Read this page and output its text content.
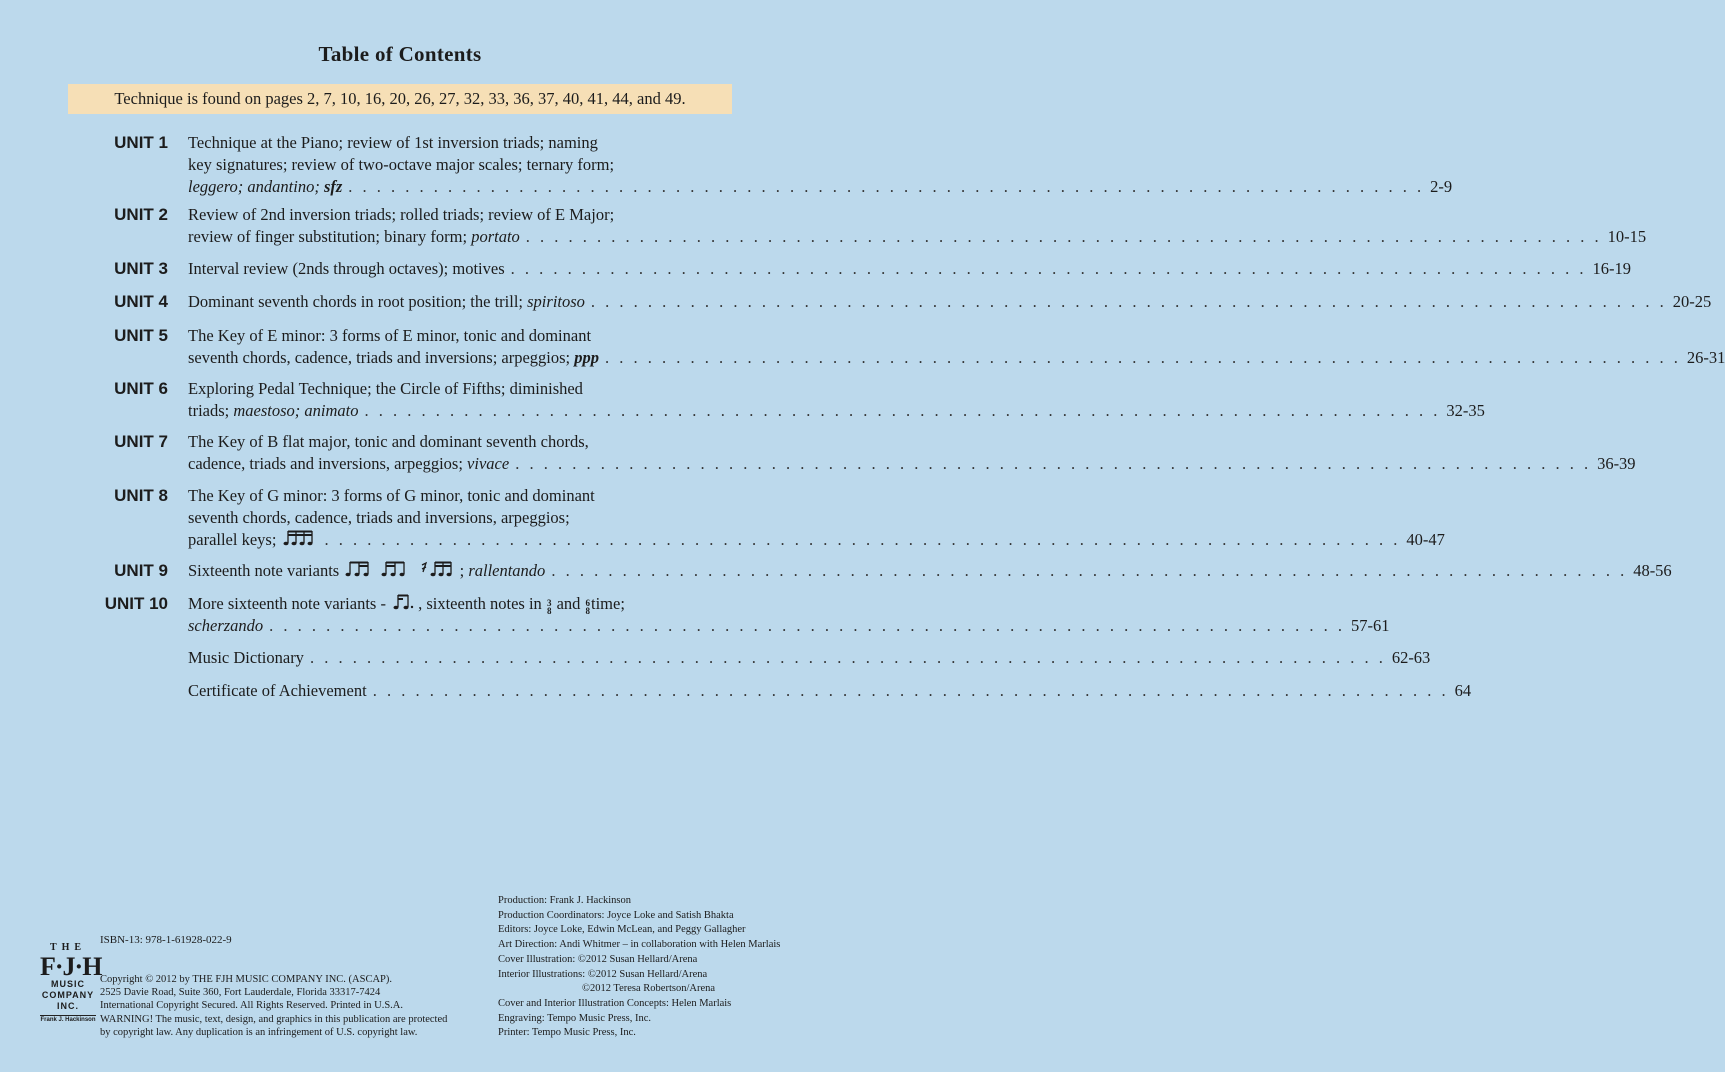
Table of Contents
Technique is found on pages 2, 7, 10, 16, 20, 26, 27, 32, 33, 36, 37, 40, 41, 44, and 49.
UNIT 1 Technique at the Piano; review of 1st inversion triads; naming
key signatures; review of two-octave major scales; ternary form;
leggero; andantino; sfz . . . . . . . . . . . . . . . . . . . . . . . . . . . . . . . . . . . . . . . . . . . . . . . . . . . . . . . . . . . . . . . . . . . . . . . . . . . . 2-9
UNIT 2 Review of 2nd inversion triads; rolled triads; review of E Major;
review of finger substitution; binary form; portato . . . . . . . . . . . . . . . . . . . . . . . . . . . . . . . . . . . . . . . . . . . . . . . . . . . . . . . . . . . . . . . . . . . . . . . . . . . . 10-15
UNIT 3 Interval review (2nds through octaves); motives . . . . . . . . . . . . . . . . . . . . . . . . . . . . . . . . . . . . . . . . . . . . . . . . . . . . . . . . . . . . . . . . . . . . . . . . . . . . 16-19
UNIT 4 Dominant seventh chords in root position; the trill; spiritoso . . . . . . . . . . . . . . . . . . . . . . . . . . . . . . . . . . . . . . . . . . . . . . . . . . . . . . . . . . . . . . . . . . . . . . . . . . . . 20-25
UNIT 5 The Key of E minor: 3 forms of E minor, tonic and dominant
seventh chords, cadence, triads and inversions; arpeggios; ppp . . . . . . . . . . . . . . . . . . . . . . . . . . . . . . . . . . . . . . . . . . . . . . . . . . . . . . . . . . . . . . . . . . . . . . . . . . . . 26-31
UNIT 6 Exploring Pedal Technique; the Circle of Fifths; diminished
triads; maestoso; animato . . . . . . . . . . . . . . . . . . . . . . . . . . . . . . . . . . . . . . . . . . . . . . . . . . . . . . . . . . . . . . . . . . . . . . . . . . . . 32-35
UNIT 7 The Key of B flat major, tonic and dominant seventh chords,
cadence, triads and inversions, arpeggios; vivace . . . . . . . . . . . . . . . . . . . . . . . . . . . . . . . . . . . . . . . . . . . . . . . . . . . . . . . . . . . . . . . . . . . . . . . . . . . . 36-39
UNIT 8 The Key of G minor: 3 forms of G minor, tonic and dominant
seventh chords, cadence, triads and inversions, arpeggios;
parallel keys;	. . . . . . . . . . . . . . . . . . . . . . . . . . . . . . . . . . . . . . . . . . . . . . . . . . . . . . . . . . . . . . . . . . . . . . . . . . . . 40-47
UNIT 9 Sixteenth note variants	; rallentando . . . . . . . . . . . . . . . . . . . . . . . . . . . . . . . . . . . . . . . . . . . . . . . . . . . . . . . . . . . . . . . . . . . . . . . . . . . . 48-56
UNIT 10 More sixteenth note variants - , sixteenth notes in 3
8 and 6
8 time;
scherzando . . . . . . . . . . . . . . . . . . . . . . . . . . . . . . . . . . . . . . . . . . . . . . . . . . . . . . . . . . . . . . . . . . . . . . . . . . . . 57-61
Music Dictionary . . . . . . . . . . . . . . . . . . . . . . . . . . . . . . . . . . . . . . . . . . . . . . . . . . . . . . . . . . . . . . . . . . . . . . . . . . . . 62-63
Certificate of Achievement . . . . . . . . . . . . . . . . . . . . . . . . . . . . . . . . . . . . . . . . . . . . . . . . . . . . . . . . . . . . . . . . . . . . . . . . . . . . 64
ISBN-13: 978-1-61928-022-9
THE
F·J·H
MUSIC
COMPANY
INC.
Frank J. Hackinson
Copyright © 2012 by THE FJH MUSIC COMPANY INC. (ASCAP).
2525 Davie Road, Suite 360, Fort Lauderdale, Florida 33317-7424
International Copyright Secured. All Rights Reserved. Printed in U.S.A.
WARNING! The music, text, design, and graphics in this publication are protected
by copyright law. Any duplication is an infringement of U.S. copyright law.
Production: Frank J. Hackinson
Production Coordinators: Joyce Loke and Satish Bhakta
Editors: Joyce Loke, Edwin McLean, and Peggy Gallagher
Art Direction: Andi Whitmer – in collaboration with Helen Marlais
Cover Illustration: ©2012 Susan Hellard/Arena
Interior Illustrations: ©2012 Susan Hellard/Arena
©2012 Teresa Robertson/Arena
Cover and Interior Illustration Concepts: Helen Marlais
Engraving: Tempo Music Press, Inc.
Printer: Tempo Music Press, Inc.
